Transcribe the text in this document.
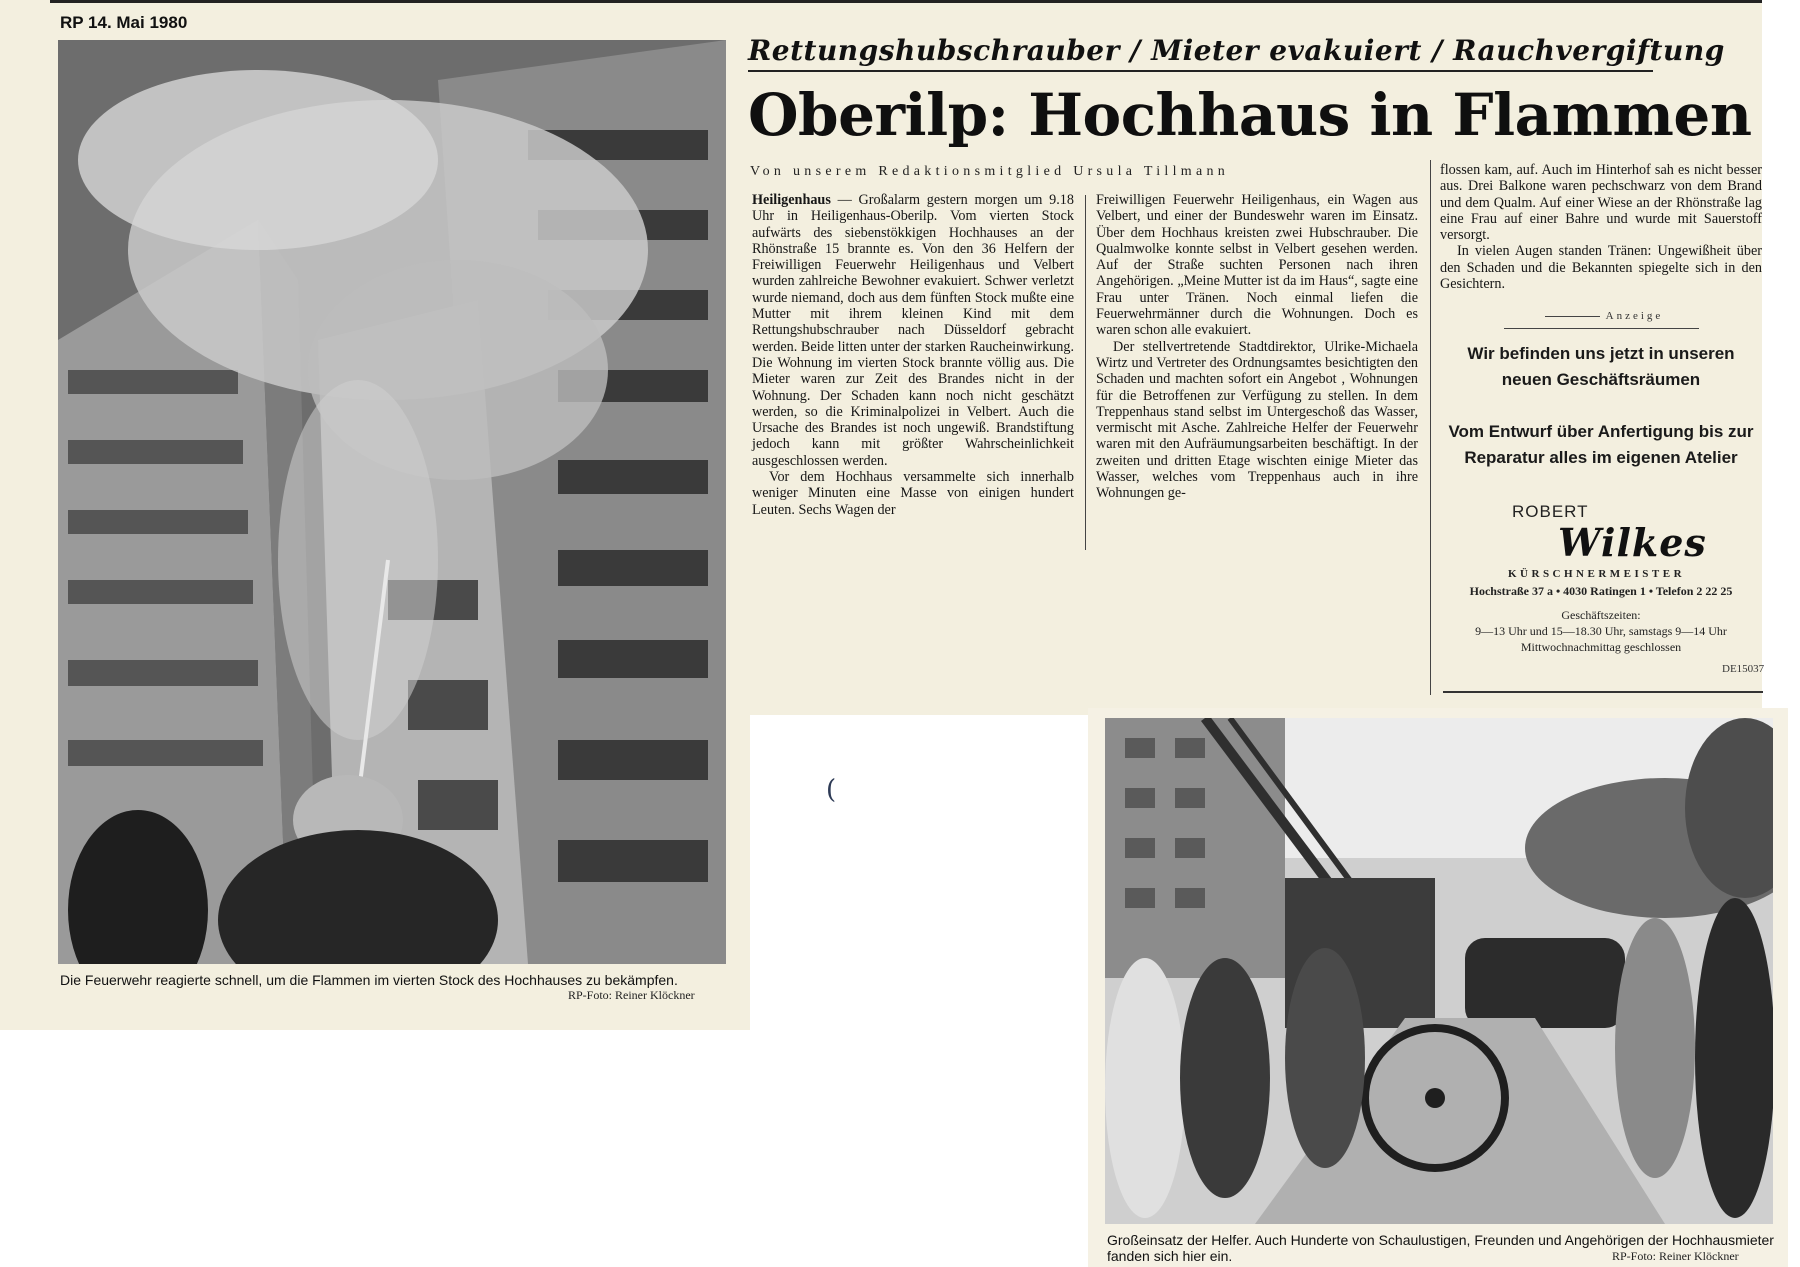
RP 14. Mai 1980
Die Feuerwehr reagierte schnell, um die Flammen im vierten Stock des Hochhauses zu bekämpfen.
RP-Foto: Reiner Klöckner
Rettungshubschrauber / Mieter evakuiert / Rauchvergiftung
Oberilp: Hochhaus in Flammen
Von unserem Redaktionsmitglied Ursula Tillmann

Heiligenhaus — Großalarm gestern morgen um 9.18 Uhr in Heiligenhaus-Oberilp. Vom vierten Stock aufwärts des siebenstökkigen Hochhauses an der Rhönstraße 15 brannte es. Von den 36 Helfern der Freiwilligen Feuerwehr Heiligenhaus und Velbert wurden zahlreiche Bewohner evakuiert. Schwer verletzt wurde niemand, doch aus dem fünften Stock mußte eine Mutter mit ihrem kleinen Kind mit dem Rettungshubschrauber nach Düsseldorf gebracht werden. Beide litten unter der starken Raucheinwirkung. Die Wohnung im vierten Stock brannte völlig aus. Die Mieter waren zur Zeit des Brandes nicht in der Wohnung. Der Schaden kann noch nicht geschätzt werden, so die Kriminalpolizei in Velbert. Auch die Ursache des Brandes ist noch ungewiß. Brandstiftung jedoch kann mit größter Wahrscheinlichkeit ausgeschlossen werden.

Vor dem Hochhaus versammelte sich innerhalb weniger Minuten eine Masse von einigen hundert Leuten. Sechs Wagen der

Freiwilligen Feuerwehr Heiligenhaus, ein Wagen aus Velbert, und einer der Bundeswehr waren im Einsatz. Über dem Hochhaus kreisten zwei Hubschrauber. Die Qualmwolke konnte selbst in Velbert gesehen werden. Auf der Straße suchten Personen nach ihren Angehörigen. „Meine Mutter ist da im Haus“, sagte eine Frau unter Tränen. Noch einmal liefen die Feuerwehrmänner durch die Wohnungen. Doch es waren schon alle evakuiert.

Der stellvertretende Stadtdirektor, Ulrike-Michaela Wirtz und Vertreter des Ordnungsamtes besichtigten den Schaden und machten sofort ein Angebot , Wohnungen für die Betroffenen zur Verfügung zu stellen. In dem Treppenhaus stand selbst im Untergeschoß das Wasser, vermischt mit Asche. Zahlreiche Helfer der Feuerwehr waren mit den Aufräumungsarbeiten beschäftigt. In der zweiten und dritten Etage wischten einige Mieter das Wasser, welches vom Treppenhaus auch in ihre Wohnungen ge-

flossen kam, auf. Auch im Hinterhof sah es nicht besser aus. Drei Balkone waren pechschwarz von dem Brand und dem Qualm. Auf einer Wiese an der Rhönstraße lag eine Frau auf einer Bahre und wurde mit Sauerstoff versorgt.

In vielen Augen standen Tränen: Ungewißheit über den Schaden und die Bekannten spiegelte sich in den Gesichtern.

Anzeige
Wir befinden uns jetzt in unseren
neuen Geschäftsräumen
Vom Entwurf über Anfertigung bis zur
Reparatur alles im eigenen Atelier
ROBERT
Wilkes
KÜRSCHNERMEISTER
Hochstraße 37 a • 4030 Ratingen 1 • Telefon 2 22 25
Geschäftszeiten:
9—13 Uhr und 15—18.30 Uhr, samstags 9—14 Uhr
Mittwochnachmittag geschlossen
DE15037
(
Großeinsatz der Helfer. Auch Hunderte von Schaulustigen, Freunden und Angehörigen der Hochhausmieter fanden sich hier ein.	RP-Foto: Reiner Klöckner
